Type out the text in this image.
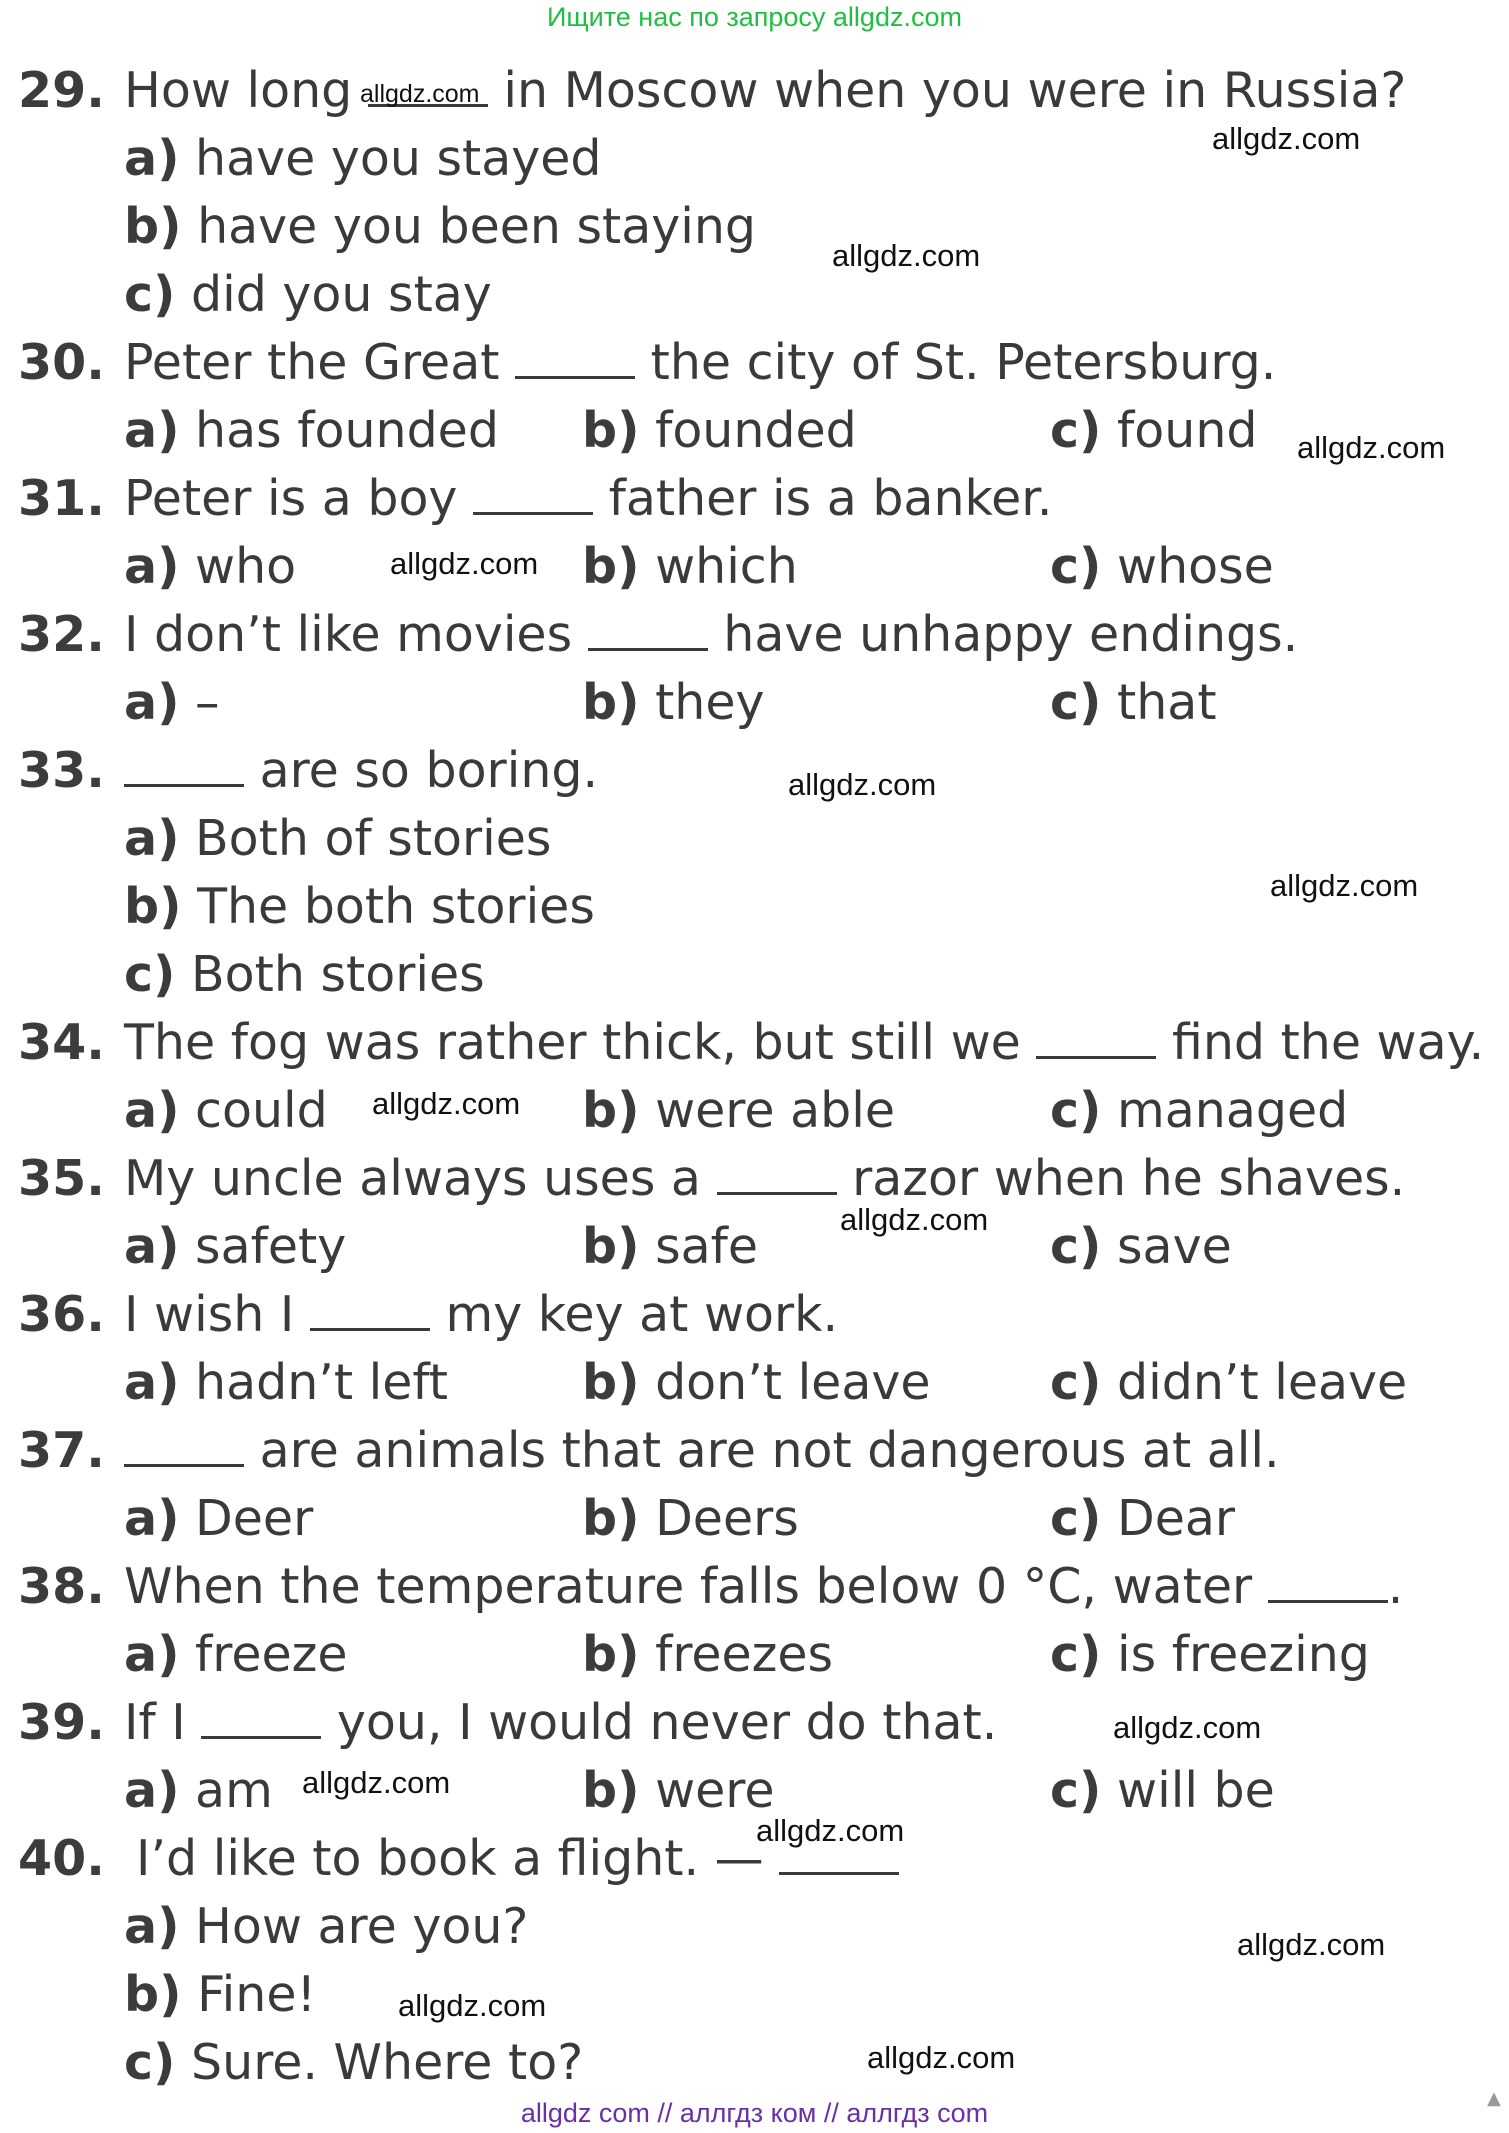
Ищите нас по запросу allgdz.com
29. How long	in Moscow when you were in Russia?
a) have you stayed
b) have you been staying
c) did you stay
30. Peter the Great	the city of St. Petersburg.
a) has founded b) founded	c) found
31. Peter is a boy	father is a banker.
a) who	b) which	c) whose
32. I don’t like movies	have unhappy endings.
a) –	b) they	c) that
33.	are so boring.
a) Both of stories
b) The both stories
c) Both stories
34. The fog was rather thick, but still we	find the way.
a) could	b) were able	c) managed
35. My uncle always uses a	razor when he shaves.
a) safety	b) safe	c) save
36. I wish I	my key at work.
a) hadn’t left	b) don’t leave c) didn’t leave
37.	are animals that are not dangerous at all.
a) Deer	b) Deers	c) Dear
38. When the temperature falls below 0 °C, water	.
a) freeze	b) freezes	c) is freezing
39. If I	you, I would never do that.
a) am	b) were	c) will be
40. I’d like to book a flight. —
a) How are you?
b) Fine!
c) Sure. Where to?
allgdz.com
allgdz.com
allgdz.com
allgdz.com
allgdz.com
allgdz.com
allgdz.com
allgdz.com
allgdz.com
allgdz.com
allgdz.com
allgdz.com
allgdz.com
allgdz.com
allgdz.com
allgdz com // аллгдз ком // аллгдз com	▲
